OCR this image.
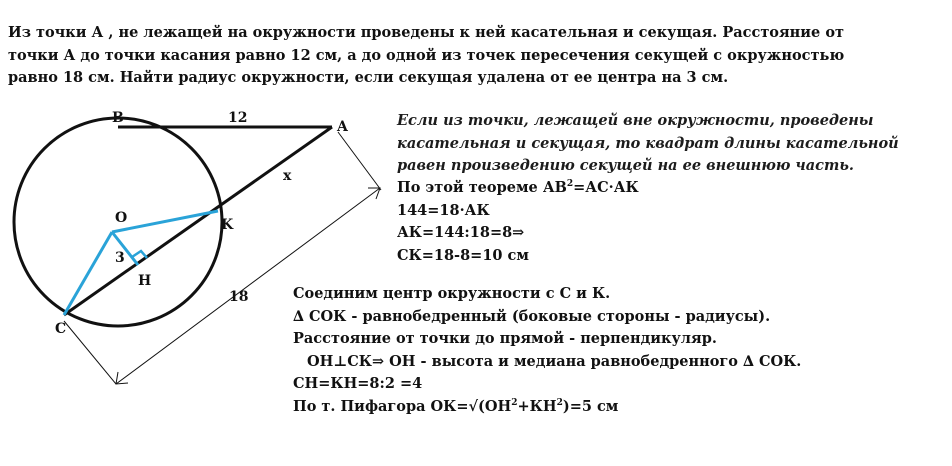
Из точки А , не лежащей на окружности проведены к ней касательная и секущая. Расстояние от
точки А до точки касания равно 12 см, а до одной из точек пересечения секущей с окружностью
равно 18 см. Найти радиус окружности, если секущая удалена от ее центра на 3 см.
B
A
K
O
H
C
12
x
18
3
Если из точки, лежащей вне окружности, проведены
касательная и секущая, то квадрат длины касательной
равен произведению секущей на ее внешнюю часть.
По этой теореме $АВ^2=АС\cdot АК$
144=18·АК
АК=144:18=8⇒
СК=18-8=10 см
Соединим центр окружности с С и К.
∆ СОК - равнобедренный (боковые стороны - радиусы).
Расстояние от точки до прямой - перпендикуляр.
ОН⊥СК⇒ ОН - высота и медиана равнобедренного ∆ СОК.
СН=КН=8:2 =4
По т. Пифагора $ОК=√(ОН^2+КН^2)=5$ см
